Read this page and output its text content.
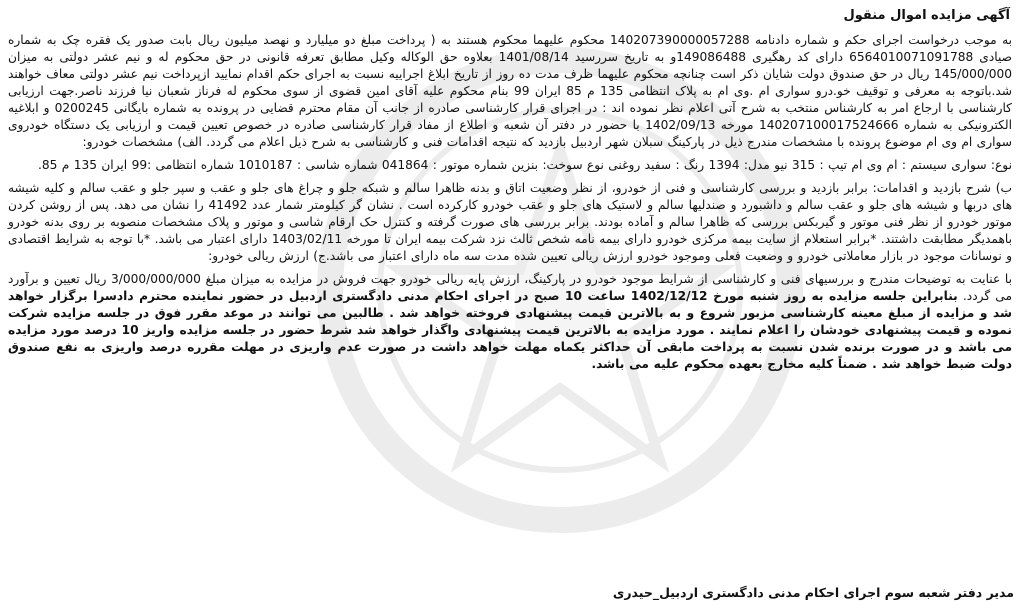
آگهی مزایده اموال منقول

به موجب درخواست اجرای حکم و شماره دادنامه 140207390000057288 محکوم علیهما محکوم هستند به ( پرداخت مبلغ دو میلیارد و نهصد میلیون ریال بابت صدور یک فقره چک به شماره صیادی 6564010071091788 دارای کد رهگیری 149086488و به تاریخ سررسید 1401/08/14 بعلاوه حق الوکاله وکیل مطابق تعرفه قانونی در حق محکوم له و نیم عشر دولتی به میزان 145/000/000 ریال در حق صندوق دولت شایان ذکر است چنانچه محکوم علیهما ظرف مدت ده روز از تاریخ ابلاغ اجراییه نسبت به اجرای حکم اقدام نمایید ازپرداخت نیم عشر دولتی معاف خواهند شد.باتوجه به معرفی و توقیف خو.درو سواری ام .وی ام به پلاک انتظامی 135 م 85 ایران 99 بنام محکوم علیه آقای امین قضوی از سوی محکوم له فرناز شعبان نیا فرزند ناصر.جهت ارزیابی کارشناسی با ارجاع امر به کارشناس منتخب به شرح آتی اعلام نظر نموده اند : در اجرای قرار کارشناسی صادره از جانب آن مقام محترم قضایی در پرونده به شماره بایگانی 0200245 و ابلاغیه الکترونیکی به شماره 140207100017524666 مورخه 1402/09/13 با حضور در دفتر آن شعبه و اطلاع از مفاد قرار کارشناسی صادره در خصوص تعیین قیمت و ارزیابی یک دستگاه خودروی سواری ام وی ام موضوع پرونده با مشخصات مندرج ذیل در پارکینگ سبلان شهر اردبیل بازدید که نتیجه اقدامات فنی و کارشناسی به شرح ذیل اعلام می گردد. الف) مشخصات خودرو:

نوع: سواری سیستم : ام وی ام تیپ : 315 نیو مدل: 1394 رنگ : سفید روغنی نوع سوخت: بنزین شماره موتور : 041864 شماره شاسی : 1010187 شماره انتظامی :99 ایران 135 م 85.

ب) شرح بازدید و اقدامات: برابر بازدید و بررسی کارشناسی و فنی از خودرو، از نظر وضعیت اتاق و بدنه ظاهرا سالم و شبکه جلو و چراغ های جلو و عقب و سپر جلو و عقب سالم و کلیه شیشه های دربها و شیشه های جلو و عقب سالم و داشبورد و صندلیها سالم و لاستیک های جلو و عقب خودرو کارکرده است . نشان گر کیلومتر شمار عدد 41492 را نشان می دهد. پس از روشن کردن موتور خودرو از نظر فنی موتور و گیربکس بررسی که ظاهرا سالم و آماده بودند. برابر بررسی های صورت گرفته و کنترل حک ارقام شاسی و موتور و پلاک مشخصات منصوبه بر روی بدنه خودرو باهمدیگر مطابقت داشتند. *برابر استعلام از سایت بیمه مرکزی خودرو دارای بیمه نامه شخص ثالث نزد شرکت بیمه ایران تا مورخه 1403/02/11 دارای اعتبار می باشد. *با توجه به شرایط اقتصادی و نوسانات موجود در بازار معاملاتی خودرو و وضعیت فعلی وموجود خودرو ارزش ریالی تعیین شده مدت سه ماه دارای اعتبار می باشد.ج) ارزش ریالی خودرو:

با عنایت به توضیحات مندرج و بررسیهای فنی و کارشناسی از شرایط موجود خودرو در پارکینگ، ارزش پایه ریالی خودرو جهت فروش در مزایده به میزان مبلغ 3/000/000/000 ریال تعیین و برآورد می گردد. بنابراین جلسه مزایده به روز شنبه مورخ 1402/12/12 ساعت 10 صبح در اجرای احکام مدنی دادگستری اردبیل در حضور نماینده محترم دادسرا برگزار خواهد شد و مزایده از مبلغ معینه کارشناسی مزبور شروع و به بالاترین قیمت پیشنهادی فروخته خواهد شد . طالبین می توانند در موعد مقرر فوق در جلسه مزایده شرکت نموده و قیمت پیشنهادی خودشان را اعلام نمایند . مورد مزایده به بالاترین قیمت پیشنهادی واگذار خواهد شد شرط حضور در جلسه مزایده واریز 10 درصد مورد مزایده می باشد و در صورت برنده شدن نسبت به پرداخت مابقی آن حداکثر یکماه مهلت خواهد داشت در صورت عدم واریزی در مهلت مقرره درصد واریزی به نفع صندوق دولت ضبط خواهد شد . ضمناً کلیه مخارج بعهده محکوم علیه می باشد.

مدیر دفتر شعبه سوم اجرای احکام مدنی دادگستری اردبیل_حیدری
